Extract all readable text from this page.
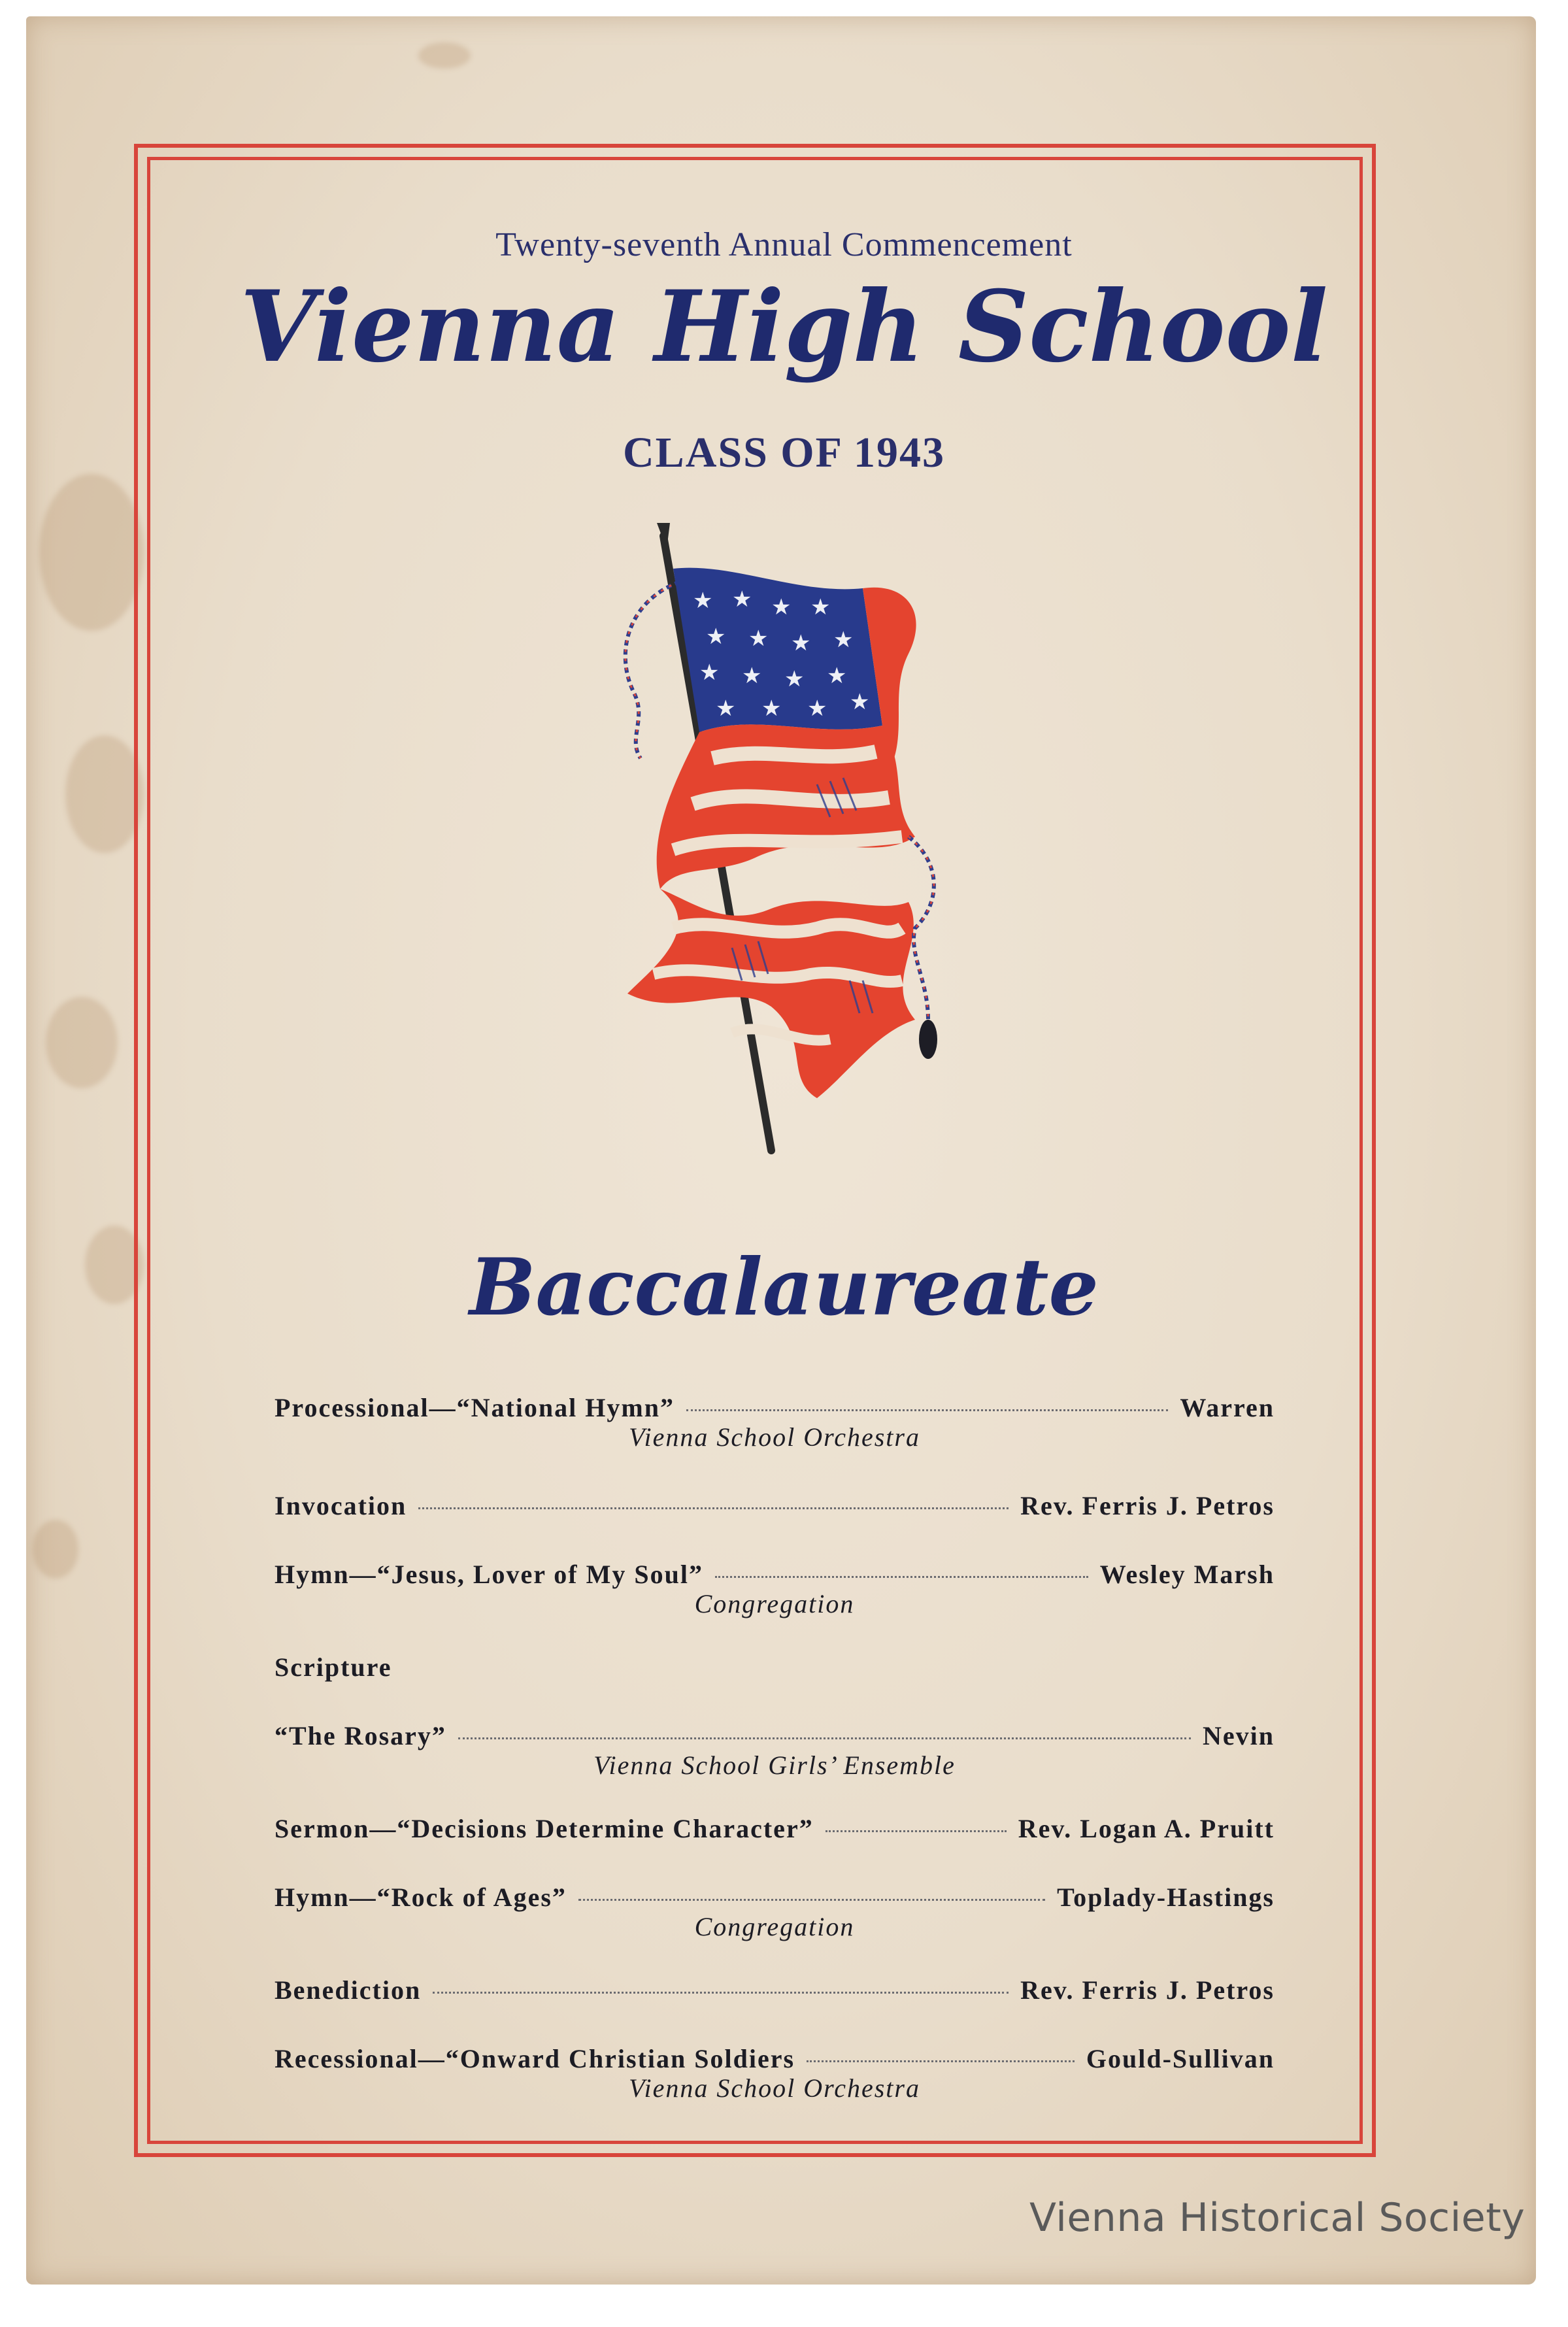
Twenty-seventh Annual Commencement
Vienna High School
CLASS OF 1943
★ ★ ★ ★
★ ★ ★ ★
★ ★ ★ ★
★ ★ ★ ★
Baccalaureate
Processional—“National Hymn”	Warren
Vienna School Orchestra
Invocation	Rev. Ferris J. Petros
Hymn—“Jesus, Lover of My Soul”	Wesley Marsh
Congregation
Scripture
“The Rosary”	Nevin
Vienna School Girls’ Ensemble
Sermon—“Decisions Determine Character”	Rev. Logan A. Pruitt
Hymn—“Rock of Ages”	Toplady-Hastings
Congregation
Benediction	Rev. Ferris J. Petros
Recessional—“Onward Christian Soldiers	Gould-Sullivan
Vienna School Orchestra
Vienna Historical Society
